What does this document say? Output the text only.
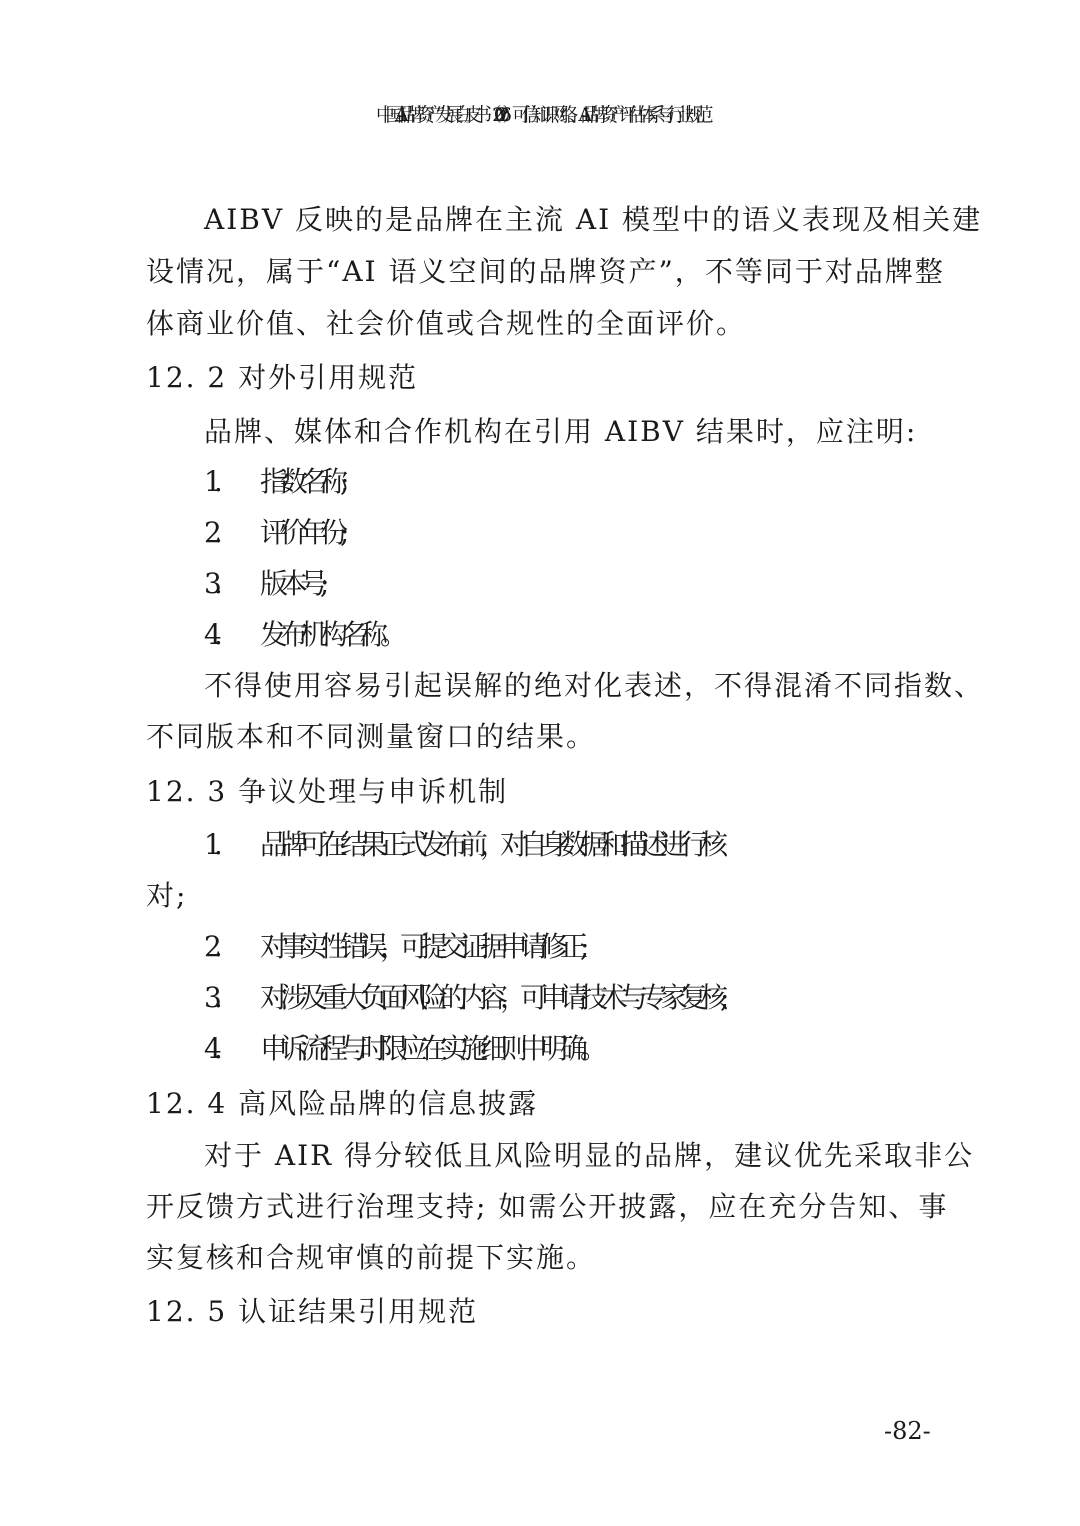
中国AI品牌资产发展白皮书（2026）：可信知识网络、AI品牌资产评估体系与行业规范
AIBV 反映的是品牌在主流 AI 模型中的语义表现及相关建
设情况，属于“AI 语义空间的品牌资产”，不等同于对品牌整
体商业价值、社会价值或合规性的全面评价。
12. 2 对外引用规范
品牌、媒体和合作机构在引用 AIBV 结果时，应注明:
1. 指数名称;
2. 评价年份;
3. 版本号;
4. 发布机构名称。
不得使用容易引起误解的绝对化表述，不得混淆不同指数、
不同版本和不同测量窗口的结果。
12. 3 争议处理与申诉机制
1. 品牌可在结果正式发布前，对自身数据和描述进行核
对;
2. 对事实性错误，可提交证据申请修正;
3. 对涉及重大负面风险的内容，可申请技术与专家复核;
4. 申诉流程与时限应在实施细则中明确。
12. 4 高风险品牌的信息披露
对于 AIR 得分较低且风险明显的品牌，建议优先采取非公
开反馈方式进行治理支持; 如需公开披露，应在充分告知、事
实复核和合规审慎的前提下实施。
12. 5 认证结果引用规范
-82-
